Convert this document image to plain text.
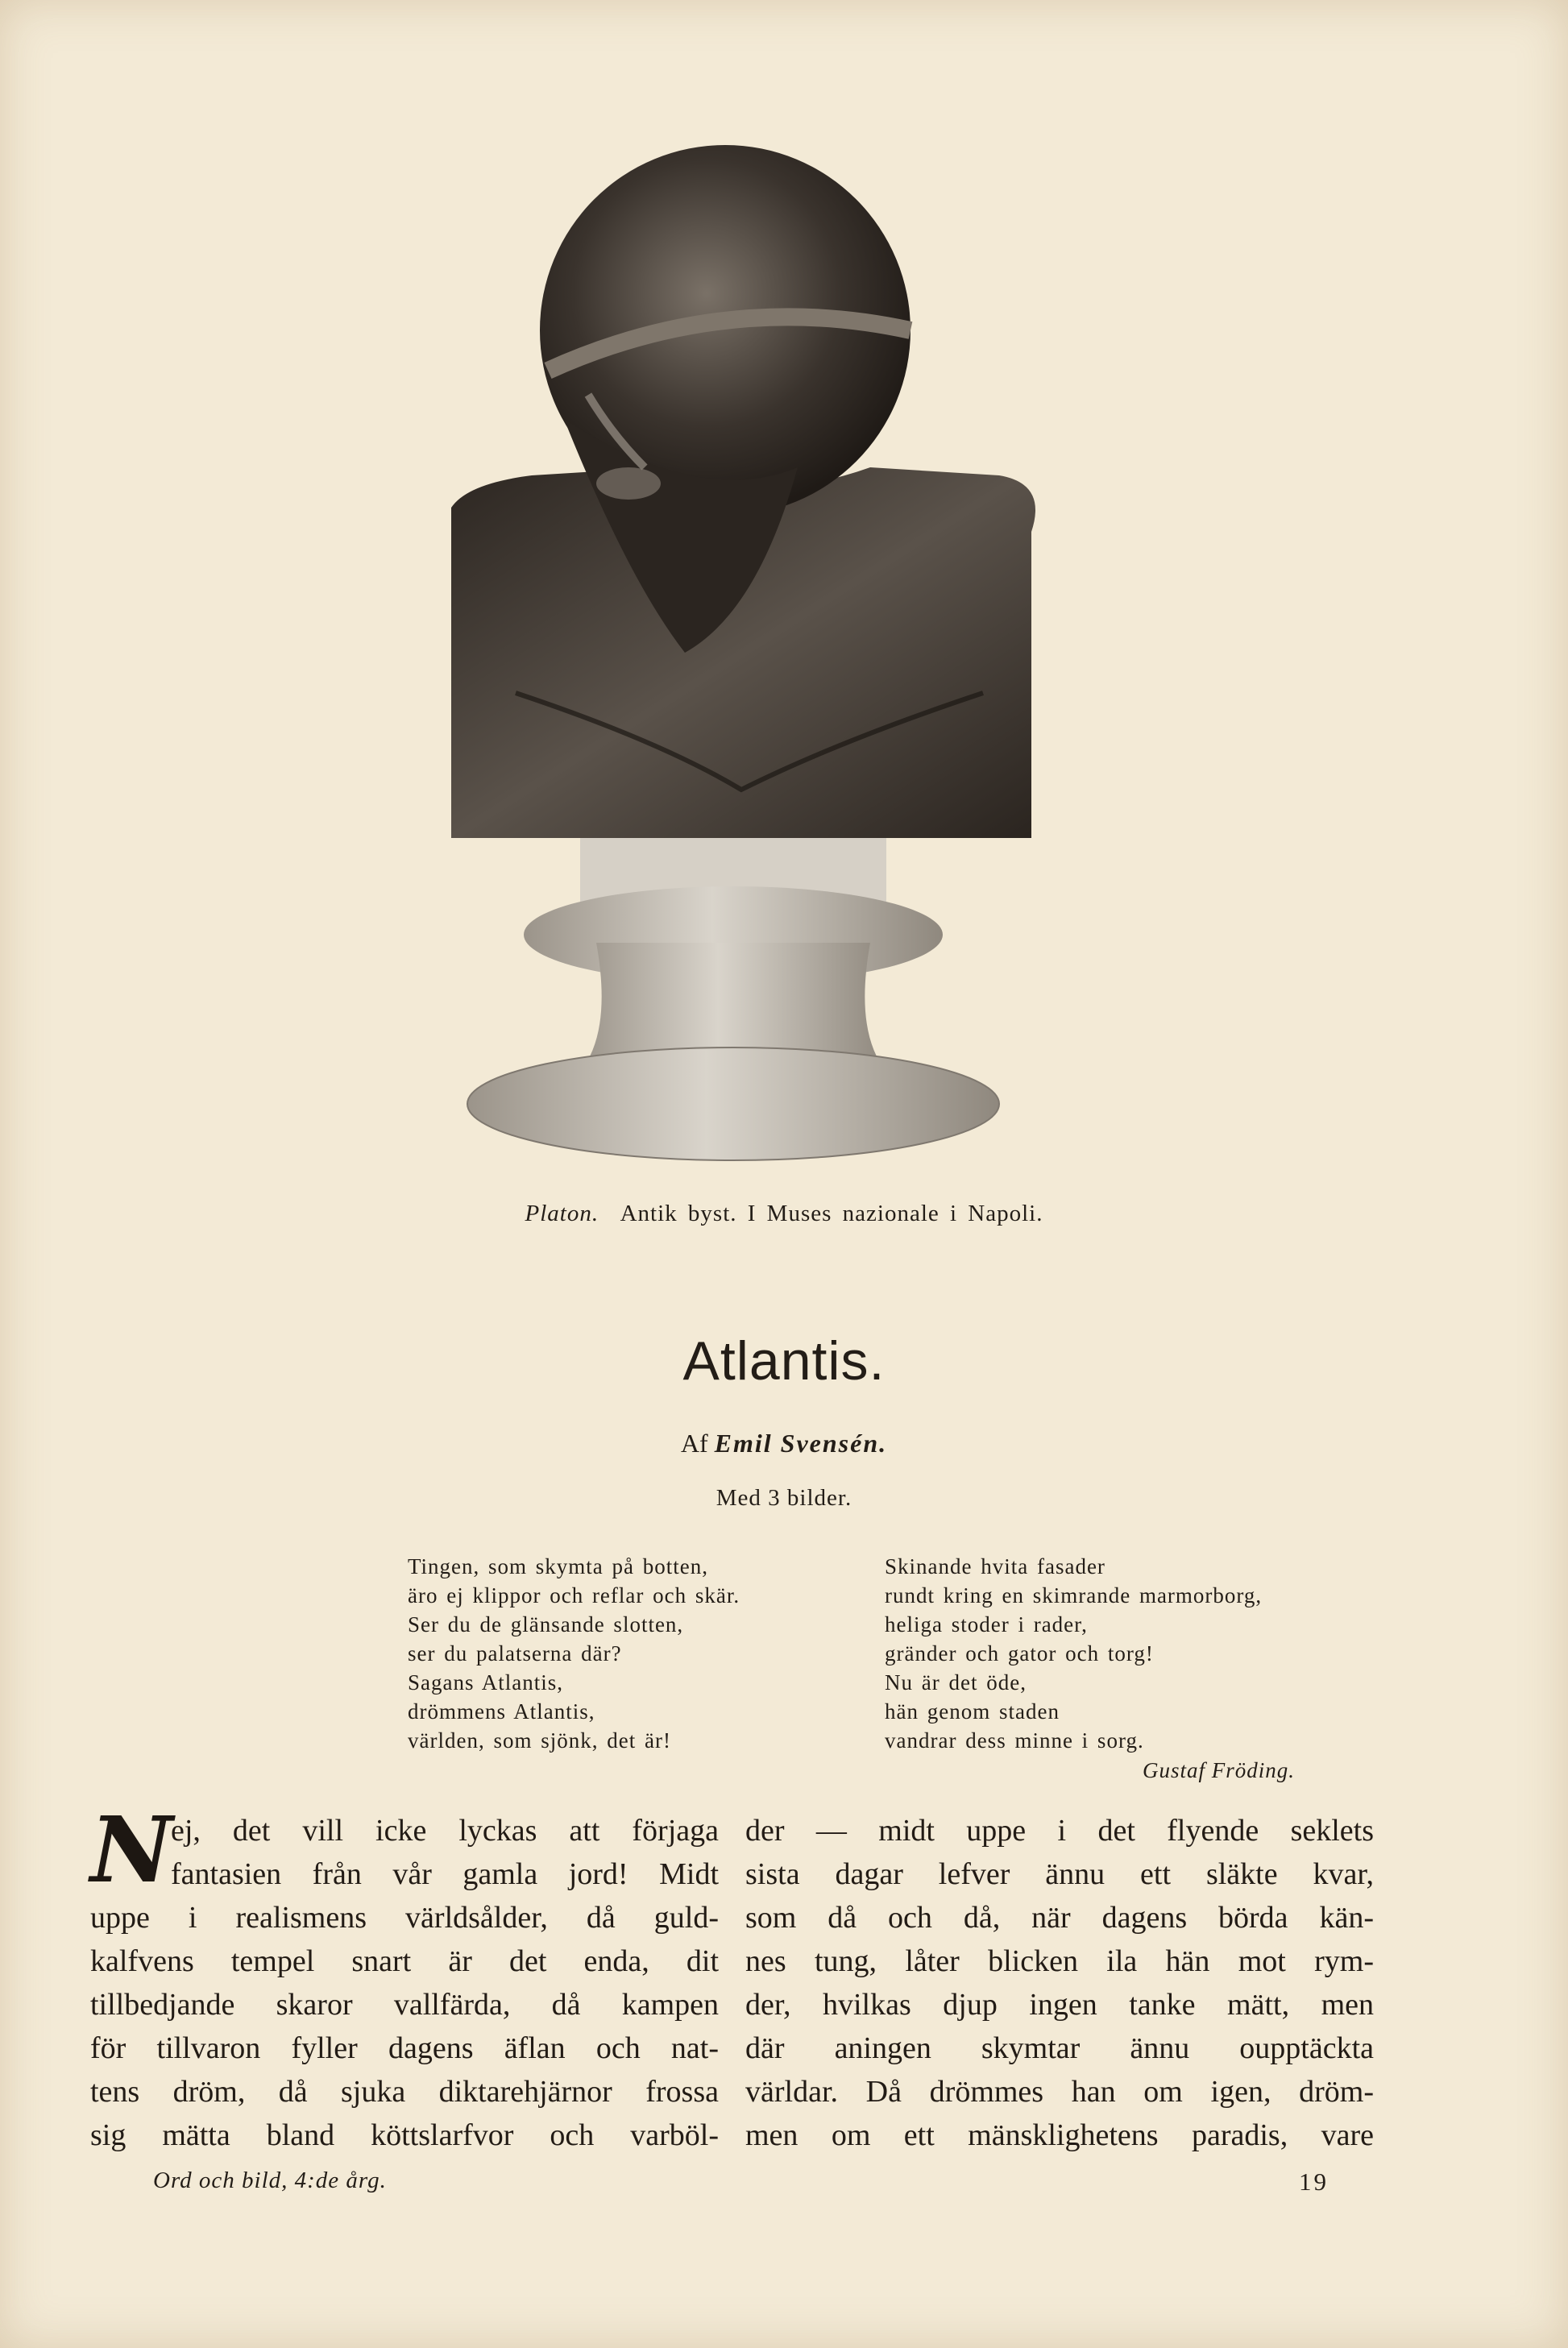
Platon. Antik byst. I Muses nazionale i Napoli.
Atlantis.
Af Emil Svensén.
Med 3 bilder.
Tingen, som skymta på botten,
äro ej klippor och reflar och skär.
Ser du de glänsande slotten,
ser du palatserna där?
Sagans Atlantis,
drömmens Atlantis,
världen, som sjönk, det är!
Skinande hvita fasader
rundt kring en skimrande marmorborg,
heliga stoder i rader,
gränder och gator och torg!
Nu är det öde,
hän genom staden
vandrar dess minne i sorg.
Gustaf Fröding.
N
ej, det vill icke lyckas att förjaga
fantasien från vår gamla jord! Midt
uppe i realismens världsålder, då guld-
kalfvens tempel snart är det enda, dit
tillbedjande skaror vallfärda, då kampen
för tillvaron fyller dagens äflan och nat-
tens dröm, då sjuka diktarehjärnor frossa
sig mätta bland köttslarfvor och varböl-
der — midt uppe i det flyende seklets
sista dagar lefver ännu ett släkte kvar,
som då och då, när dagens börda kän-
nes tung, låter blicken ila hän mot rym-
der, hvilkas djup ingen tanke mätt, men
där aningen skymtar ännu oupptäckta
världar. Då drömmes han om igen, dröm-
men om ett mänsklighetens paradis, vare
Ord och bild, 4:de årg.	19
